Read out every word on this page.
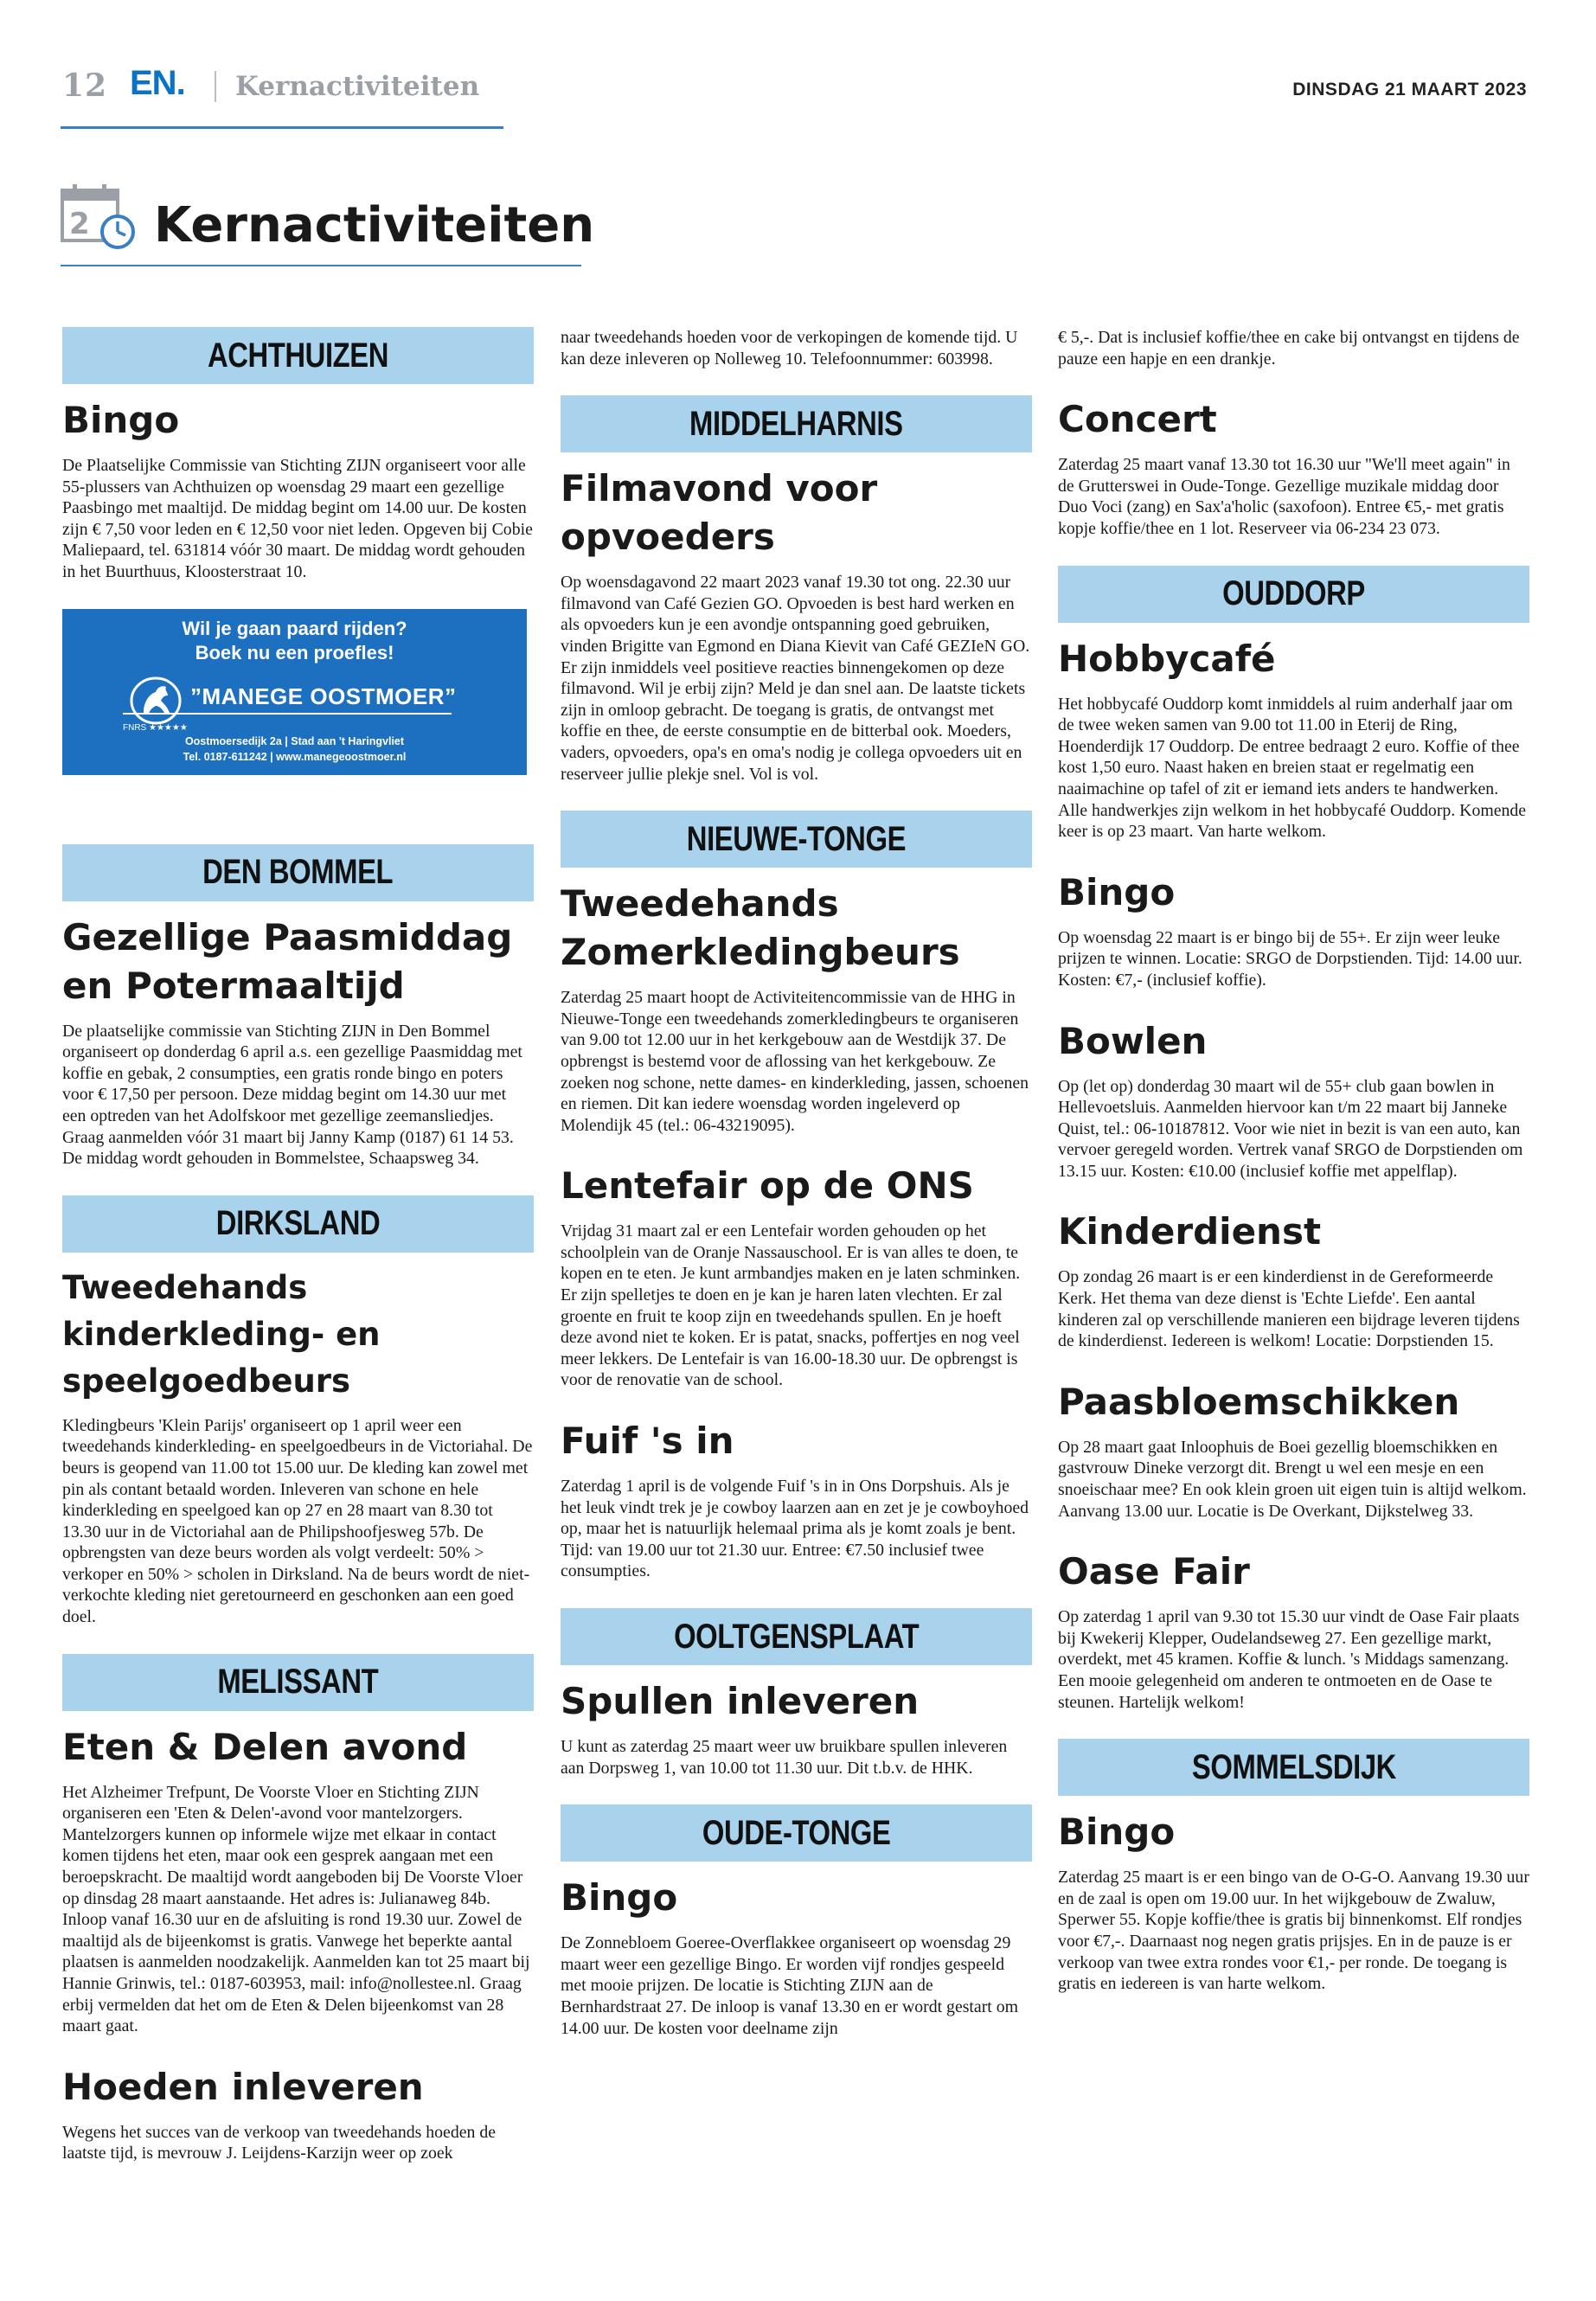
12 EN. Kernactiviteiten	DINSDAG 21 MAART 2023
2 Kernactiviteiten
ACHTHUIZEN
Bingo
De Plaatselijke Commissie van Stichting ZIJN organiseert voor alle 55-plussers van Achthuizen op woensdag 29 maart een gezellige Paasbingo met maaltijd. De middag begint om 14.00 uur. De kosten zijn € 7,50 voor leden en € 12,50 voor niet leden. Opgeven bij Cobie Maliepaard, tel. 631814 vóór 30 maart. De middag wordt gehouden in het Buurthuus, Kloosterstraat 10.
Wil je gaan paard rijden?
Boek nu een proefles!
”MANEGE OOSTMOER”
FNRS ★★★★★
Oostmoersedijk 2a | Stad aan 't Haringvliet
Tel. 0187-611242 | www.manegeoostmoer.nl
DEN BOMMEL
Gezellige Paasmiddag en Potermaaltijd
De plaatselijke commissie van Stichting ZIJN in Den Bommel organiseert op donderdag 6 april a.s. een gezellige Paasmiddag met koffie en gebak, 2 consumpties, een gratis ronde bingo en poters voor € 17,50 per persoon. Deze middag begint om 14.30 uur met een optreden van het Adolfskoor met gezellige zeemansliedjes. Graag aanmelden vóór 31 maart bij Janny Kamp (0187) 61 14 53. De middag wordt gehouden in Bommelstee, Schaapsweg 34.
DIRKSLAND
Tweedehands kinderkleding- en speelgoedbeurs
Kledingbeurs 'Klein Parijs' organiseert op 1 april weer een tweedehands kinderkleding- en speelgoedbeurs in de Victoriahal. De beurs is geopend van 11.00 tot 15.00 uur. De kleding kan zowel met pin als contant betaald worden. Inleveren van schone en hele kinderkleding en speelgoed kan op 27 en 28 maart van 8.30 tot 13.30 uur in de Victoriahal aan de Philipshoofjesweg 57b. De opbrengsten van deze beurs worden als volgt verdeelt: 50% > verkoper en 50% > scholen in Dirksland. Na de beurs wordt de niet-verkochte kleding niet geretourneerd en geschonken aan een goed doel.
MELISSANT
Eten & Delen avond
Het Alzheimer Trefpunt, De Voorste Vloer en Stichting ZIJN organiseren een 'Eten & Delen'-avond voor mantelzorgers. Mantelzorgers kunnen op informele wijze met elkaar in contact komen tijdens het eten, maar ook een gesprek aangaan met een beroepskracht. De maaltijd wordt aangeboden bij De Voorste Vloer op dinsdag 28 maart aanstaande. Het adres is: Julianaweg 84b. Inloop vanaf 16.30 uur en de afsluiting is rond 19.30 uur. Zowel de maaltijd als de bijeenkomst is gratis. Vanwege het beperkte aantal plaatsen is aanmelden noodzakelijk. Aanmelden kan tot 25 maart bij Hannie Grinwis, tel.: 0187-603953, mail: info@nollestee.nl. Graag erbij vermelden dat het om de Eten & Delen bijeenkomst van 28 maart gaat.
Hoeden inleveren
Wegens het succes van de verkoop van tweedehands hoeden de laatste tijd, is mevrouw J. Leijdens-Karzijn weer op zoek
naar tweedehands hoeden voor de verkopingen de komende tijd. U kan deze inleveren op Nolleweg 10. Telefoonnummer: 603998.
MIDDELHARNIS
Filmavond voor opvoeders
Op woensdagavond 22 maart 2023 vanaf 19.30 tot ong. 22.30 uur filmavond van Café Gezien GO. Opvoeden is best hard werken en als opvoeders kun je een avondje ontspanning goed gebruiken, vinden Brigitte van Egmond en Diana Kievit van Café GEZIeN GO. Er zijn inmiddels veel positieve reacties binnengekomen op deze filmavond. Wil je erbij zijn? Meld je dan snel aan. De laatste tickets zijn in omloop gebracht. De toegang is gratis, de ontvangst met koffie en thee, de eerste consumptie en de bitterbal ook. Moeders, vaders, opvoeders, opa's en oma's nodig je collega opvoeders uit en reserveer jullie plekje snel. Vol is vol.
NIEUWE-TONGE
Tweedehands Zomerkledingbeurs
Zaterdag 25 maart hoopt de Activiteitencommissie van de HHG in Nieuwe-Tonge een tweedehands zomerkledingbeurs te organiseren van 9.00 tot 12.00 uur in het kerkgebouw aan de Westdijk 37. De opbrengst is bestemd voor de aflossing van het kerkgebouw. Ze zoeken nog schone, nette dames- en kinderkleding, jassen, schoenen en riemen. Dit kan iedere woensdag worden ingeleverd op Molendijk 45 (tel.: 06-43219095).
Lentefair op de ONS
Vrijdag 31 maart zal er een Lentefair worden gehouden op het schoolplein van de Oranje Nassauschool. Er is van alles te doen, te kopen en te eten. Je kunt armbandjes maken en je laten schminken. Er zijn spelletjes te doen en je kan je haren laten vlechten. Er zal groente en fruit te koop zijn en tweedehands spullen. En je hoeft deze avond niet te koken. Er is patat, snacks, poffertjes en nog veel meer lekkers. De Lentefair is van 16.00-18.30 uur. De opbrengst is voor de renovatie van de school.
Fuif 's in
Zaterdag 1 april is de volgende Fuif 's in in Ons Dorpshuis. Als je het leuk vindt trek je je cowboy laarzen aan en zet je je cowboyhoed op, maar het is natuurlijk helemaal prima als je komt zoals je bent. Tijd: van 19.00 uur tot 21.30 uur. Entree: €7.50 inclusief twee consumpties.
OOLTGENSPLAAT
Spullen inleveren
U kunt as zaterdag 25 maart weer uw bruikbare spullen inleveren aan Dorpsweg 1, van 10.00 tot 11.30 uur. Dit t.b.v. de HHK.
OUDE-TONGE
Bingo
De Zonnebloem Goeree-Overflakkee organiseert op woensdag 29 maart weer een gezellige Bingo. Er worden vijf rondjes gespeeld met mooie prijzen. De locatie is Stichting ZIJN aan de Bernhardstraat 27. De inloop is vanaf 13.30 en er wordt gestart om 14.00 uur. De kosten voor deelname zijn
€ 5,-. Dat is inclusief koffie/thee en cake bij ontvangst en tijdens de pauze een hapje en een drankje.
Concert
Zaterdag 25 maart vanaf 13.30 tot 16.30 uur "We'll meet again" in de Grutterswei in Oude-Tonge. Gezellige muzikale middag door Duo Voci (zang) en Sax'a'holic (saxofoon). Entree €5,- met gratis kopje koffie/thee en 1 lot. Reserveer via 06-234 23 073.
OUDDORP
Hobbycafé
Het hobbycafé Ouddorp komt inmiddels al ruim anderhalf jaar om de twee weken samen van 9.00 tot 11.00 in Eterij de Ring, Hoenderdijk 17 Ouddorp. De entree bedraagt 2 euro. Koffie of thee kost 1,50 euro. Naast haken en breien staat er regelmatig een naaimachine op tafel of zit er iemand iets anders te handwerken. Alle handwerkjes zijn welkom in het hobbycafé Ouddorp. Komende keer is op 23 maart. Van harte welkom.
Bingo
Op woensdag 22 maart is er bingo bij de 55+. Er zijn weer leuke prijzen te winnen. Locatie: SRGO de Dorpstienden. Tijd: 14.00 uur. Kosten: €7,- (inclusief koffie).
Bowlen
Op (let op) donderdag 30 maart wil de 55+ club gaan bowlen in Hellevoetsluis. Aanmelden hiervoor kan t/m 22 maart bij Janneke Quist, tel.: 06-10187812. Voor wie niet in bezit is van een auto, kan vervoer geregeld worden. Vertrek vanaf SRGO de Dorpstienden om 13.15 uur. Kosten: €10.00 (inclusief koffie met appelflap).
Kinderdienst
Op zondag 26 maart is er een kinderdienst in de Gereformeerde Kerk. Het thema van deze dienst is 'Echte Liefde'. Een aantal kinderen zal op verschillende manieren een bijdrage leveren tijdens de kinderdienst. Iedereen is welkom! Locatie: Dorpstienden 15.
Paasbloemschikken
Op 28 maart gaat Inloophuis de Boei gezellig bloemschikken en gastvrouw Dineke verzorgt dit. Brengt u wel een mesje en een snoeischaar mee? En ook klein groen uit eigen tuin is altijd welkom. Aanvang 13.00 uur. Locatie is De Overkant, Dijkstelweg 33.
Oase Fair
Op zaterdag 1 april van 9.30 tot 15.30 uur vindt de Oase Fair plaats bij Kwekerij Klepper, Oudelandseweg 27. Een gezellige markt, overdekt, met 45 kramen. Koffie & lunch. 's Middags samenzang. Een mooie gelegenheid om anderen te ontmoeten en de Oase te steunen. Hartelijk welkom!
SOMMELSDIJK
Bingo
Zaterdag 25 maart is er een bingo van de O-G-O. Aanvang 19.30 uur en de zaal is open om 19.00 uur. In het wijkgebouw de Zwaluw, Sperwer 55. Kopje koffie/thee is gratis bij binnenkomst. Elf rondjes voor €7,-. Daarnaast nog negen gratis prijsjes. En in de pauze is er verkoop van twee extra rondes voor €1,- per ronde. De toegang is gratis en iedereen is van harte welkom.
